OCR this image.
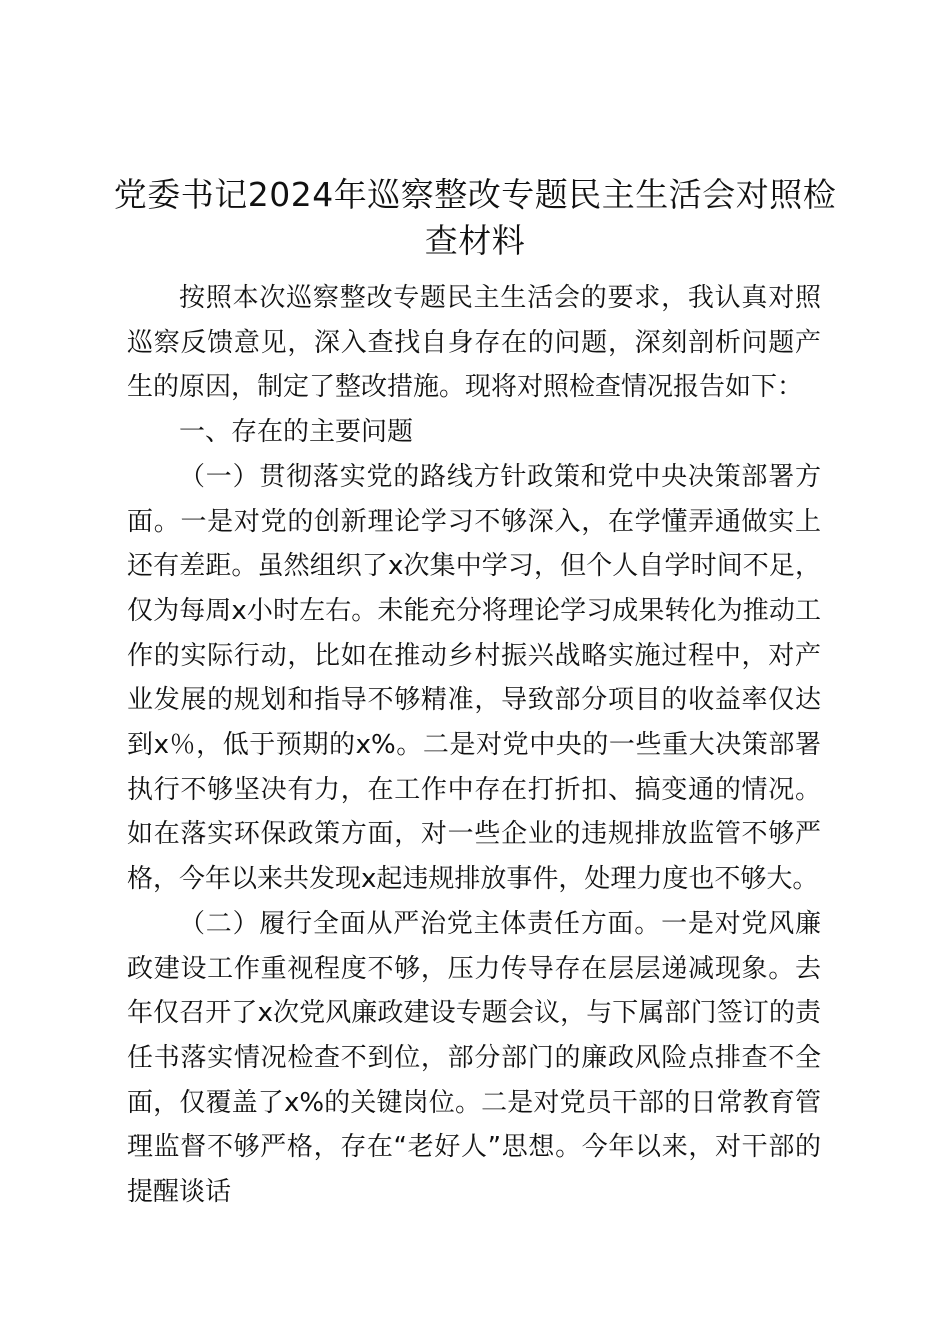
党委书记2024年巡察整改专题民主生活会对照检查材料

按照本次巡察整改专题民主生活会的要求，我认真对照巡察反馈意见，深入查找自身存在的问题，深刻剖析问题产生的原因，制定了整改措施。现将对照检查情况报告如下：

一、存在的主要问题

（一）贯彻落实党的路线方针政策和党中央决策部署方面。一是对党的创新理论学习不够深入，在学懂弄通做实上还有差距。虽然组织了x次集中学习，但个人自学时间不足，仅为每周x小时左右。未能充分将理论学习成果转化为推动工作的实际行动，比如在推动乡村振兴战略实施过程中，对产业发展的规划和指导不够精准，导致部分项目的收益率仅达到x％，低于预期的x%。二是对党中央的一些重大决策部署执行不够坚决有力，在工作中存在打折扣、搞变通的情况。如在落实环保政策方面，对一些企业的违规排放监管不够严格，今年以来共发现x起违规排放事件，处理力度也不够大。

（二）履行全面从严治党主体责任方面。一是对党风廉政建设工作重视程度不够，压力传导存在层层递减现象。去年仅召开了x次党风廉政建设专题会议，与下属部门签订的责任书落实情况检查不到位，部分部门的廉政风险点排查不全面，仅覆盖了x%的关键岗位。二是对党员干部的日常教育管理监督不够严格，存在“老好人”思想。今年以来，对干部的提醒谈话
